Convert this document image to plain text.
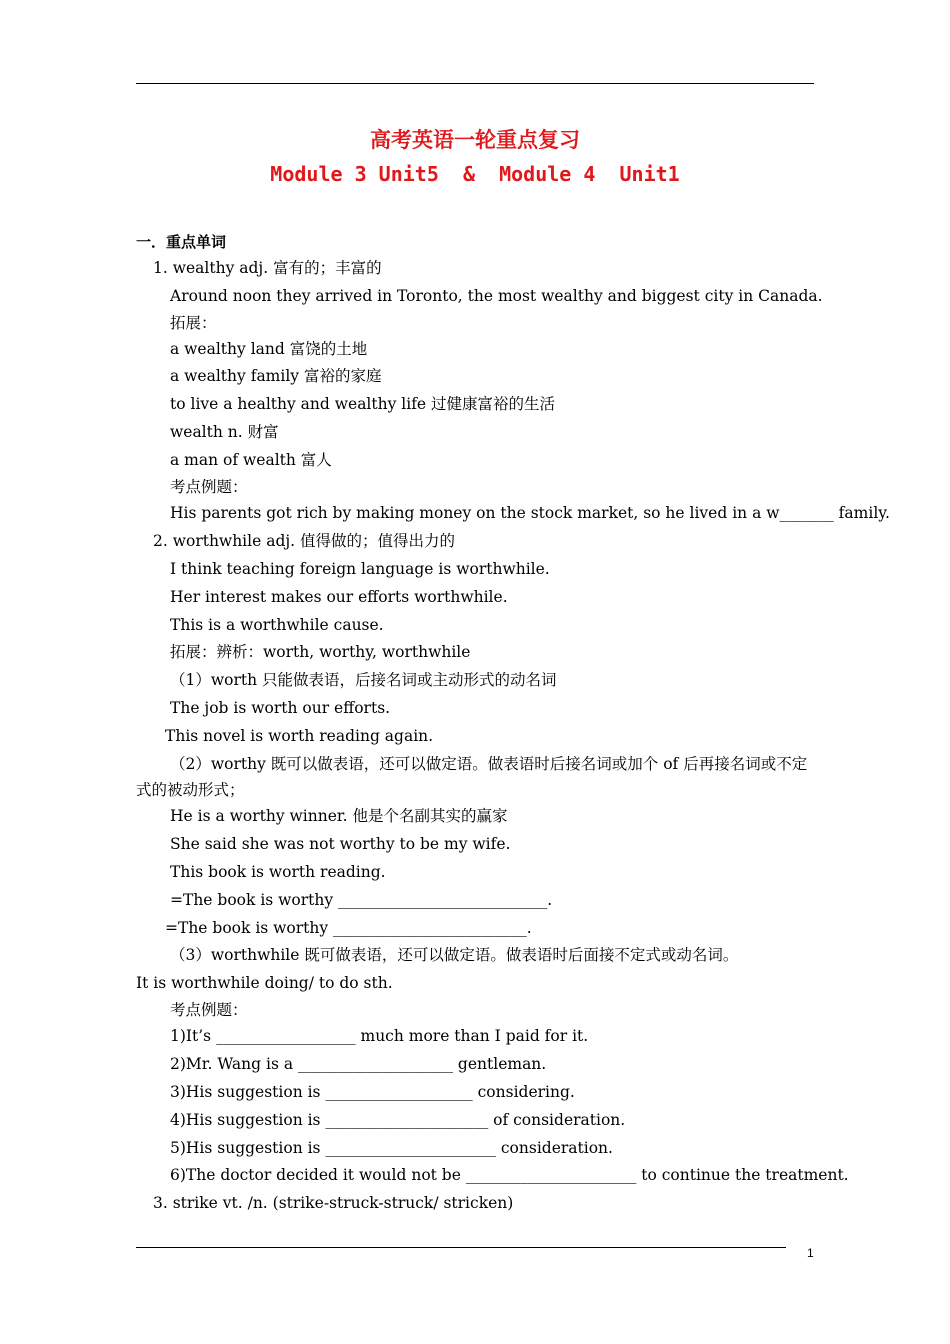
高考英语一轮重点复习
Module 3 Unit5  &  Module 4  Unit1
一．重点单词
1. wealthy adj. 富有的；丰富的
Around noon they arrived in Toronto, the most wealthy and biggest city in Canada.
拓展：
a wealthy land 富饶的土地
a wealthy family 富裕的家庭
to live a healthy and wealthy life 过健康富裕的生活
wealth n. 财富
a man of wealth 富人
考点例题：
His parents got rich by making money on the stock market, so he lived in a w_______ family.
2. worthwhile adj. 值得做的；值得出力的
I think teaching foreign language is worthwhile.
Her interest makes our efforts worthwhile.
This is a worthwhile cause.
拓展：辨析：worth, worthy, worthwhile
（1）worth 只能做表语，后接名词或主动形式的动名词
The job is worth our efforts.
This novel is worth reading again.
（2）worthy 既可以做表语，还可以做定语。做表语时后接名词或加个 of 后再接名词或不定
式的被动形式；
He is a worthy winner. 他是个名副其实的赢家
She said she was not worthy to be my wife.
This book is worth reading.
=The book is worthy ___________________________.
=The book is worthy _________________________.
（3）worthwhile 既可做表语，还可以做定语。做表语时后面接不定式或动名词。
It is worthwhile doing/ to do sth.
考点例题：
1)It’s __________________ much more than I paid for it.
2)Mr. Wang is a ____________________ gentleman.
3)His suggestion is ___________________ considering.
4)His suggestion is _____________________ of consideration.
5)His suggestion is ______________________ consideration.
6)The doctor decided it would not be ______________________ to continue the treatment.
3. strike vt. /n. (strike-struck-struck/ stricken)
1
